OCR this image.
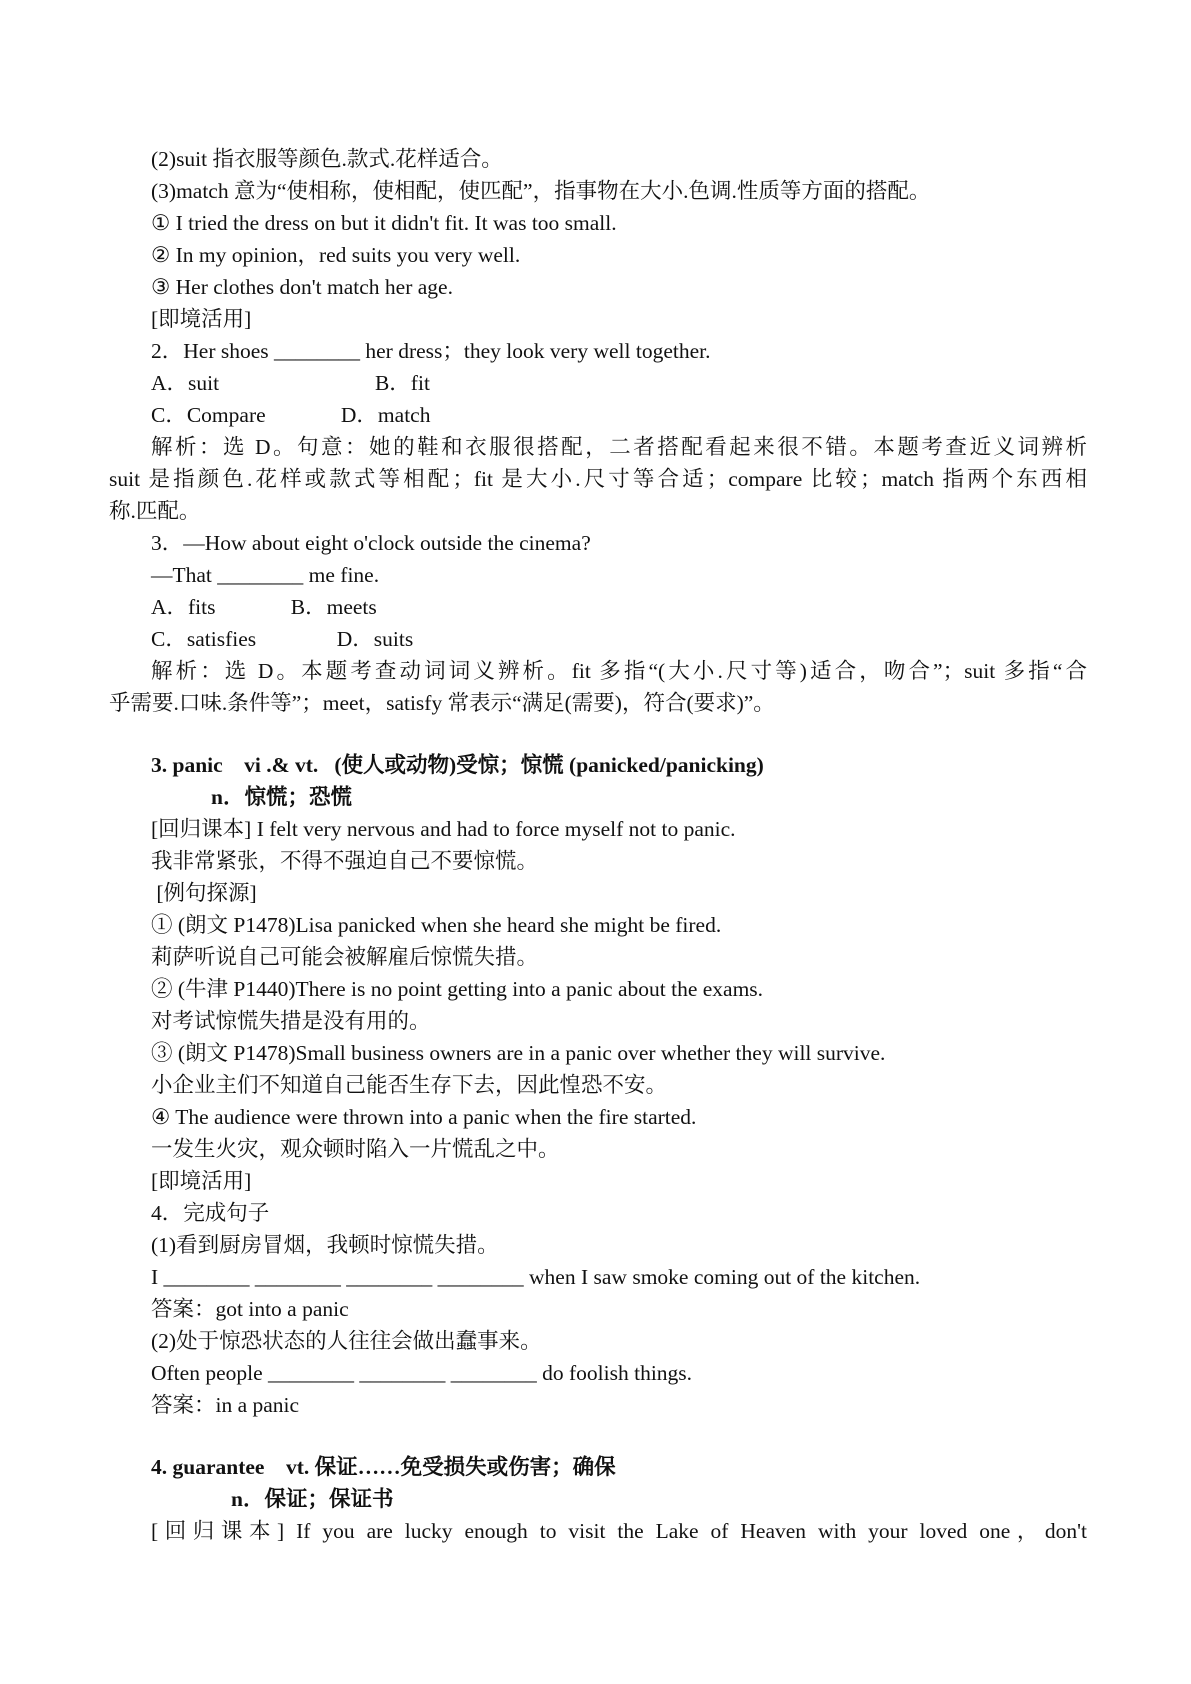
(2)suit 指衣服等颜色.款式.花样适合。
(3)match 意为“使相称，使相配，使匹配”，指事物在大小.色调.性质等方面的搭配。
① I tried the dress on but it didn't fit. It was too small.
② In my opinion，red suits you very well.
③ Her clothes don't match her age.
[即境活用]
2．Her shoes ________ her dress；they look very well together.
A．suit                             B．fit
C．Compare              D．match
解析：选 D。句意：她的鞋和衣服很搭配，二者搭配看起来很不错。本题考查近义词辨析
suit 是指颜色.花样或款式等相配；fit 是大小.尺寸等合适；compare 比较；match 指两个东西相
称.匹配。
3．—How about eight o'clock outside the cinema?
—That ________ me fine.
A．fits              B．meets
C．satisfies               D．suits
解析：选 D。本题考查动词词义辨析。fit 多指“(大小.尺寸等)适合，吻合”；suit 多指“合
乎需要.口味.条件等”；meet，satisfy 常表示“满足(需要)，符合(要求)”。
3. panic    vi .& vt.   (使人或动物)受惊；惊慌 (panicked/panicking)
n．惊慌；恐慌
[回归课本] I felt very nervous and had to force myself not to panic.
我非常紧张，不得不强迫自己不要惊慌。
[例句探源]
① (朗文 P1478)Lisa panicked when she heard she might be fired.
莉萨听说自己可能会被解雇后惊慌失措。
② (牛津 P1440)There is no point getting into a panic about the exams.
对考试惊慌失措是没有用的。
③ (朗文 P1478)Small business owners are in a panic over whether they will survive.
小企业主们不知道自己能否生存下去，因此惶恐不安。
④ The audience were thrown into a panic when the fire started.
一发生火灾，观众顿时陷入一片慌乱之中。
[即境活用]
4．完成句子
(1)看到厨房冒烟，我顿时惊慌失措。
I ________ ________ ________ ________ when I saw smoke coming out of the kitchen.
答案：got into a panic
(2)处于惊恐状态的人往往会做出蠢事来。
Often people ________ ________ ________ do foolish things.
答案：in a panic
4. guarantee    vt. 保证……免受损失或伤害；确保
n．保证；保证书
[回归课本] If you are lucky enough to visit the Lake of Heaven with your loved one，don't
